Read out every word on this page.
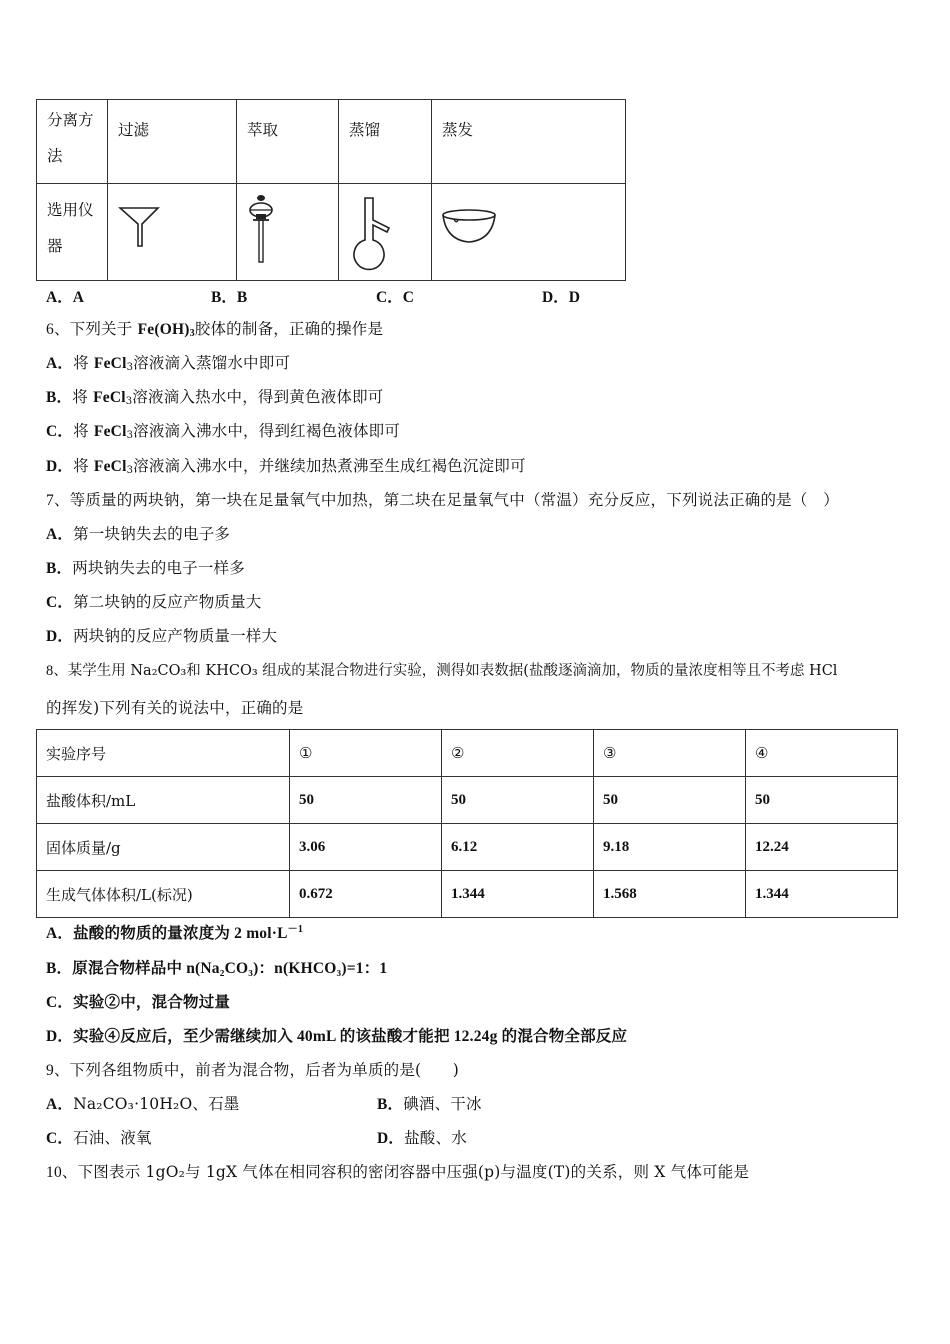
分离方法	过滤	萃取	蒸馏	蒸发

选用仪器

A．A	B．B	C．C	D．D
6、下列关于 $Fe(OH)_3$胶体的制备，正确的操作是
A．将 FeCl$_3$溶液滴入蒸馏水中即可
B．将 FeCl$_3$溶液滴入热水中，得到黄色液体即可
C．将 FeCl$_3$溶液滴入沸水中，得到红褐色液体即可
D．将 FeCl$_3$溶液滴入沸水中，并继续加热煮沸至生成红褐色沉淀即可
7、等质量的两块钠，第一块在足量氧气中加热，第二块在足量氧气中（常温）充分反应，下列说法正确的是（　）
A．第一块钠失去的电子多
B．两块钠失去的电子一样多
C．第二块钠的反应产物质量大
D．两块钠的反应产物质量一样大
8、某学生用 Na₂CO₃和 KHCO₃ 组成的某混合物进行实验，测得如表数据(盐酸逐滴滴加，物质的量浓度相等且不考虑 HCl
的挥发)下列有关的说法中，正确的是
实验序号	①	②	③	④
盐酸体积/mL	50	50	50	50
固体质量/g	3.06	6.12	9.18	12.24
生成气体体积/L(标况)	0.672	1.344	1.568	1.344
A．盐酸的物质的量浓度为 2 $mol\cdot L^{-1}$
B．原混合物样品中 n(Na₂CO₃)：n(KHCO₃)=1：1
C．实验②中，混合物过量
D．实验④反应后，至少需继续加入 40mL 的该盐酸才能把 12.24g 的混合物全部反应
9、下列各组物质中，前者为混合物，后者为单质的是(　　)
A．Na₂CO₃·10H₂O、石墨	B．碘酒、干冰
C．石油、液氧	D．盐酸、水
10、下图表示 1gO₂与 1gX 气体在相同容积的密闭容器中压强(p)与温度(T)的关系，则 X 气体可能是
